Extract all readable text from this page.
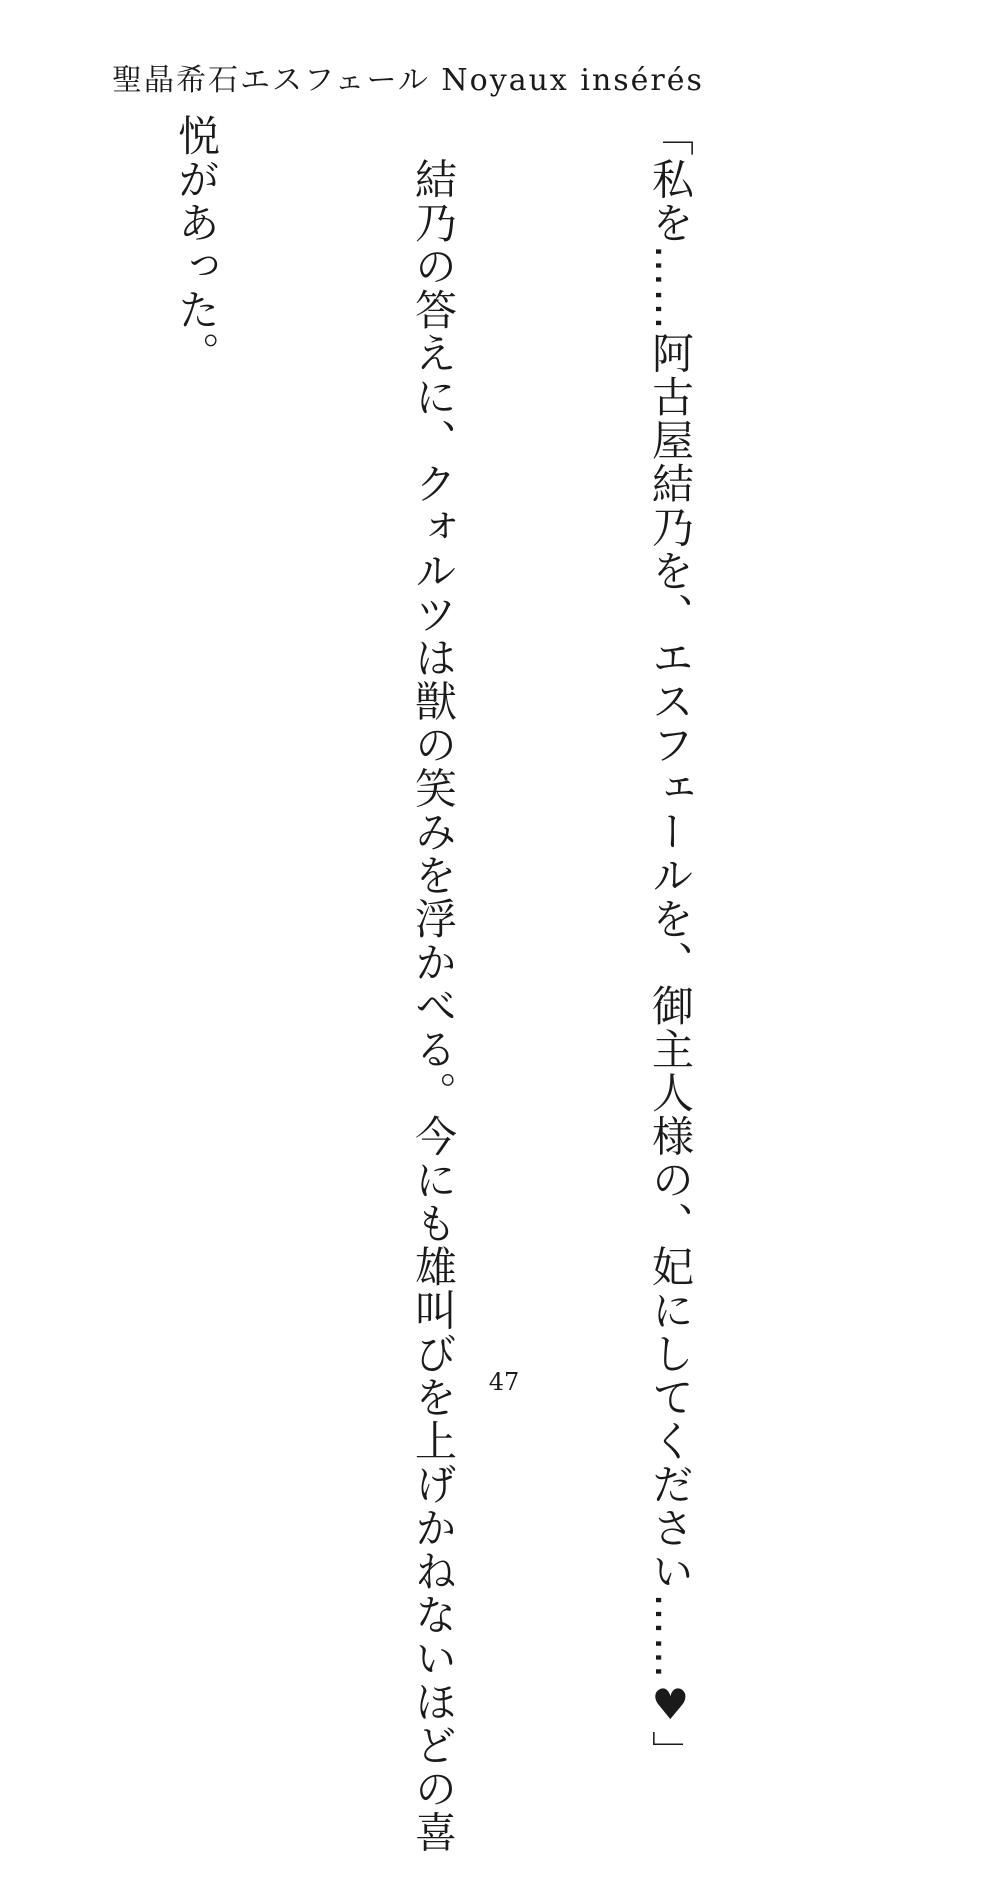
聖晶希石エスフェール Noyaux insérés

「私を……阿古屋結乃を、エスフェールを、御主人様の、妃にしてください……♥」

　結乃の答えに、クォルツは獣の笑みを浮かべる。今にも雄叫びを上げかねないほどの喜

悦があった。

47
